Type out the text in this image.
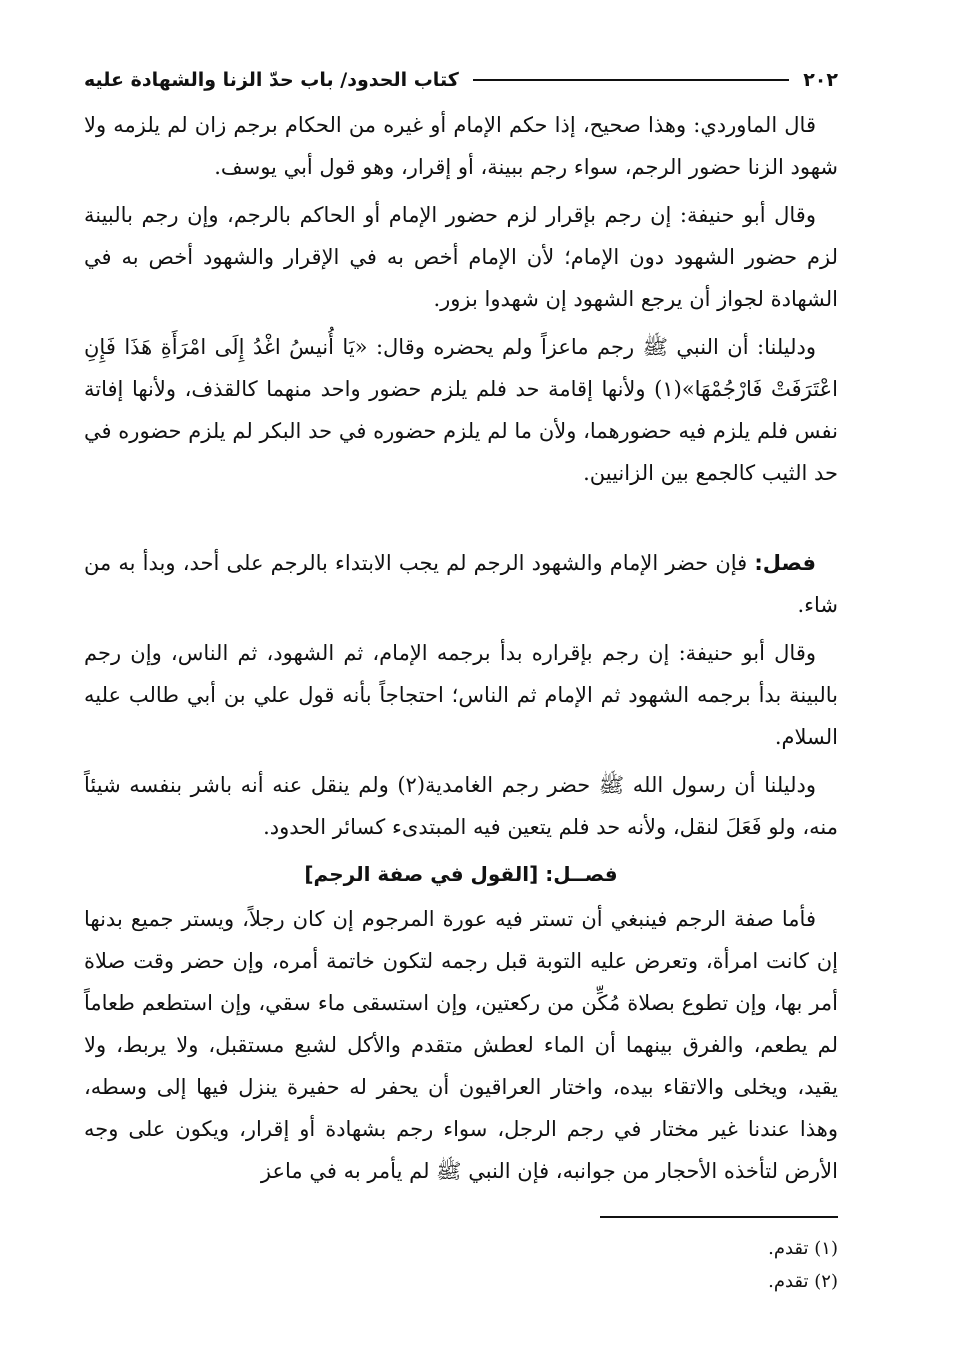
٢٠٢
كتاب الحدود/ باب حدّ الزنا والشهادة عليه

قال الماوردي: وهذا صحيح، إذا حكم الإمام أو غيره من الحكام برجم زان لم يلزمه ولا شهود الزنا حضور الرجم، سواء رجم ببينة، أو إقرار، وهو قول أبي يوسف.

وقال أبو حنيفة: إن رجم بإقرار لزم حضور الإمام أو الحاكم بالرجم، وإن رجم بالبينة لزم حضور الشهود دون الإمام؛ لأن الإمام أخص به في الإقرار والشهود أخص به في الشهادة لجواز أن يرجع الشهود إن شهدوا بزور.

ودليلنا: أن النبي ﷺ رجم ماعزاً ولم يحضره وقال: «يَا أُنيسُ اغْدُ إِلَى امْرَأَةِ هَذَا فَإِنِ اعْتَرَفَتْ فَارْجُمْهَا»(١) ولأنها إقامة حد فلم يلزم حضور واحد منهما كالقذف، ولأنها إفاتة نفس فلم يلزم فيه حضورهما، ولأن ما لم يلزم حضوره في حد البكر لم يلزم حضوره في حد الثيب كالجمع بين الزانيين.

فصل: فإن حضر الإمام والشهود الرجم لم يجب الابتداء بالرجم على أحد، وبدأ به من شاء.

وقال أبو حنيفة: إن رجم بإقراره بدأ برجمه الإمام، ثم الشهود، ثم الناس، وإن رجم بالبينة بدأ برجمه الشهود ثم الإمام ثم الناس؛ احتجاجاً بأنه قول علي بن أبي طالب عليه السلام.

ودليلنا أن رسول الله ﷺ حضر رجم الغامدية(٢) ولم ينقل عنه أنه باشر بنفسه شيئاً منه، ولو فَعَلَ لنقل، ولأنه حد فلم يتعين فيه المبتدىء كسائر الحدود.

فصــل: [القول في صفة الرجم]

فأما صفة الرجم فينبغي أن تستر فيه عورة المرجوم إن كان رجلاً، ويستر جميع بدنها إن كانت امرأة، وتعرض عليه التوبة قبل رجمه لتكون خاتمة أمره، وإن حضر وقت صلاة أمر بها، وإن تطوع بصلاة مُكِّن من ركعتين، وإن استسقى ماء سقي، وإن استطعم طعاماً لم يطعم، والفرق بينهما أن الماء لعطش متقدم والأكل لشبع مستقبل، ولا يربط، ولا يقيد، ويخلى والاتقاء بيده، واختار العراقيون أن يحفر له حفيرة ينزل فيها إلى وسطه، وهذا عندنا غير مختار في رجم الرجل، سواء رجم بشهادة أو إقرار، ويكون على وجه الأرض لتأخذه الأحجار من جوانبه، فإن النبي ﷺ لم يأمر به في ماعز

(١) تقدم.
(٢) تقدم.
